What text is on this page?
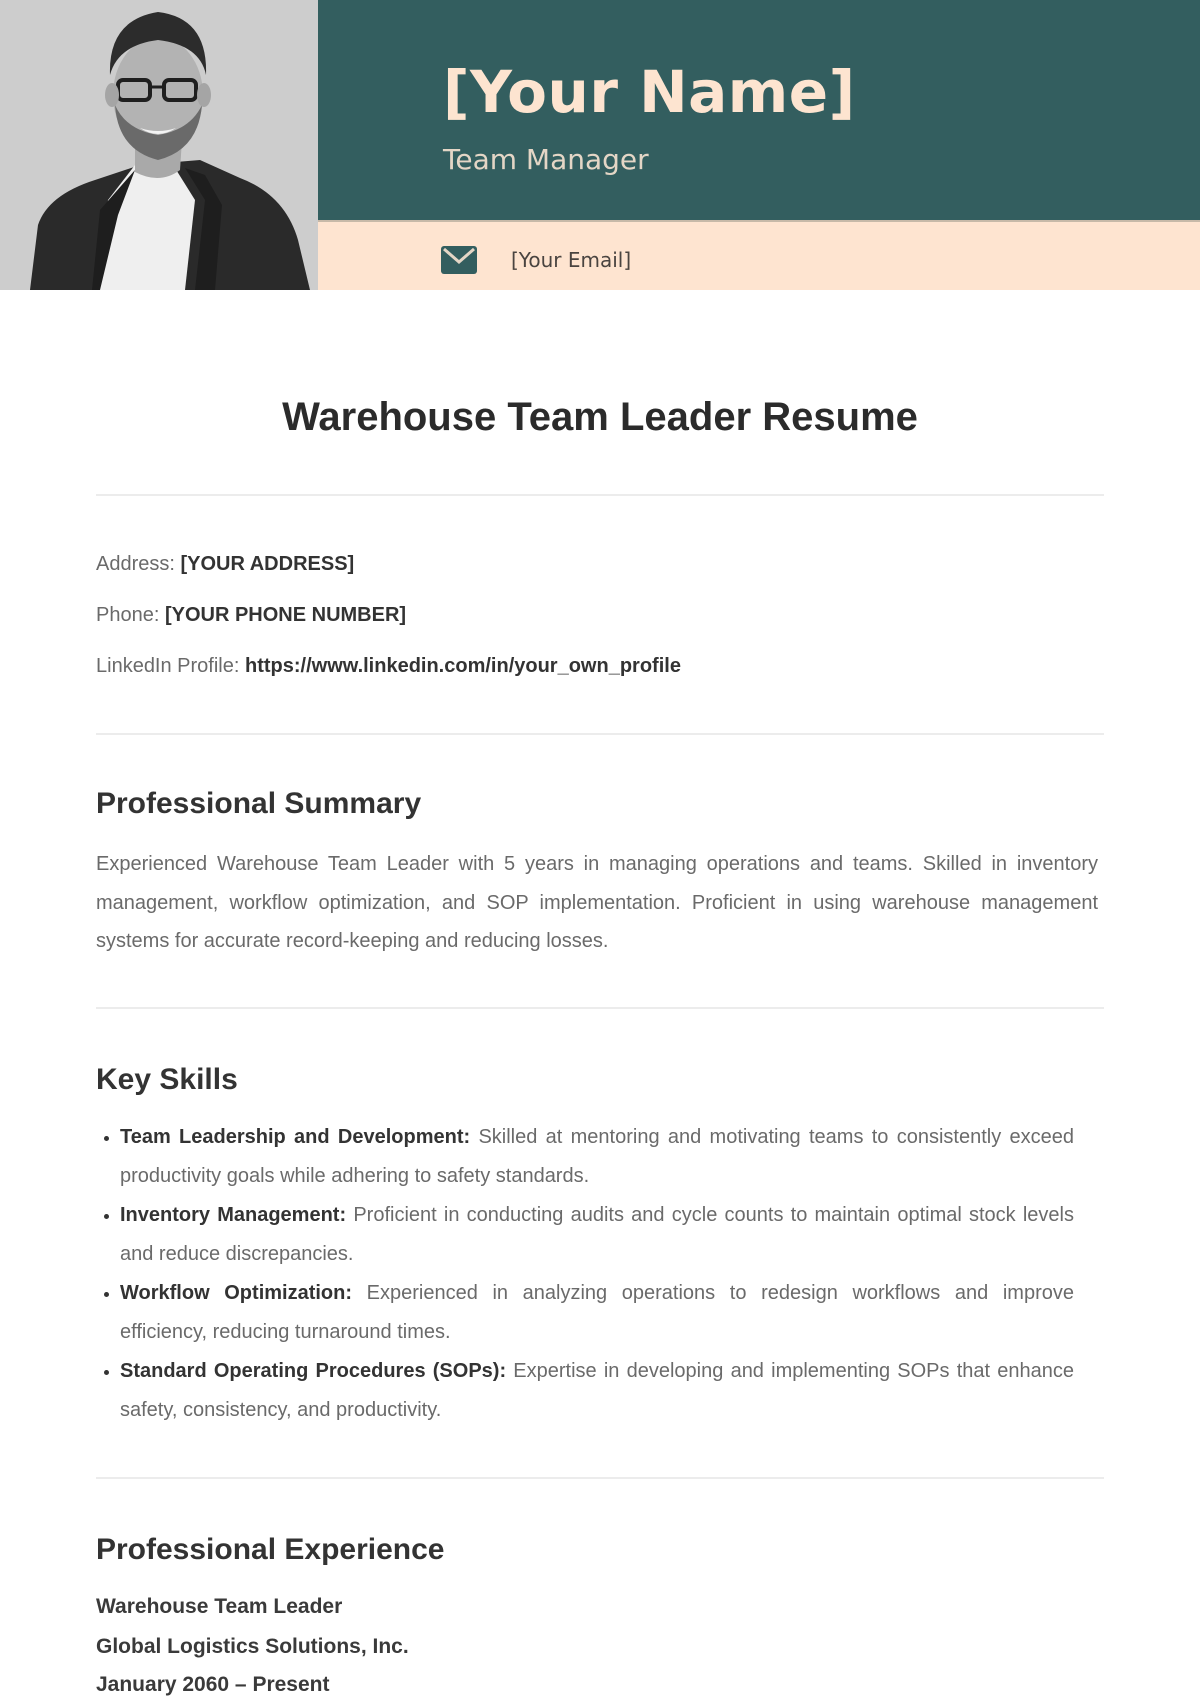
[Your Name]
Team Manager
[Your Email]
Warehouse Team Leader Resume
Address: [YOUR ADDRESS]
Phone: [YOUR PHONE NUMBER]
LinkedIn Profile: https://www.linkedin.com/in/your_own_profile
Professional Summary

Experienced Warehouse Team Leader with 5 years in managing operations and teams. Skilled in inventory management, workflow optimization, and SOP implementation. Proficient in using warehouse management systems for accurate record-keeping and reducing losses.

Key Skills
Team Leadership and Development: Skilled at mentoring and motivating teams to consistently exceed productivity goals while adhering to safety standards.
Inventory Management: Proficient in conducting audits and cycle counts to maintain optimal stock levels and reduce discrepancies.
Workflow Optimization: Experienced in analyzing operations to redesign workflows and improve efficiency, reducing turnaround times.
Standard Operating Procedures (SOPs): Expertise in developing and implementing SOPs that enhance safety, consistency, and productivity.
Professional Experience
Warehouse Team Leader
Global Logistics Solutions, Inc.
January 2060 – Present
